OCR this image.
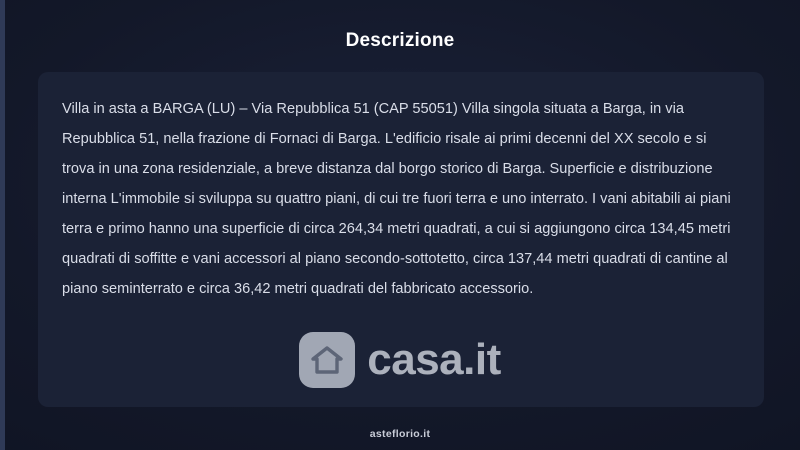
Descrizione

Villa in asta a BARGA (LU) – Via Repubblica 51 (CAP 55051) Villa singola situata a Barga, in via Repubblica 51, nella frazione di Fornaci di Barga. L'edificio risale ai primi decenni del XX secolo e si trova in una zona residenziale, a breve distanza dal borgo storico di Barga. Superficie e distribuzione interna L'immobile si sviluppa su quattro piani, di cui tre fuori terra e uno interrato. I vani abitabili ai piani terra e primo hanno una superficie di circa 264,34 metri quadrati, a cui si aggiungono circa 134,45 metri quadrati di soffitte e vani accessori al piano secondo-sottotetto, circa 137,44 metri quadrati di cantine al piano seminterrato e circa 36,42 metri quadrati del fabbricato accessorio.

casa.it
asteflorio.it
